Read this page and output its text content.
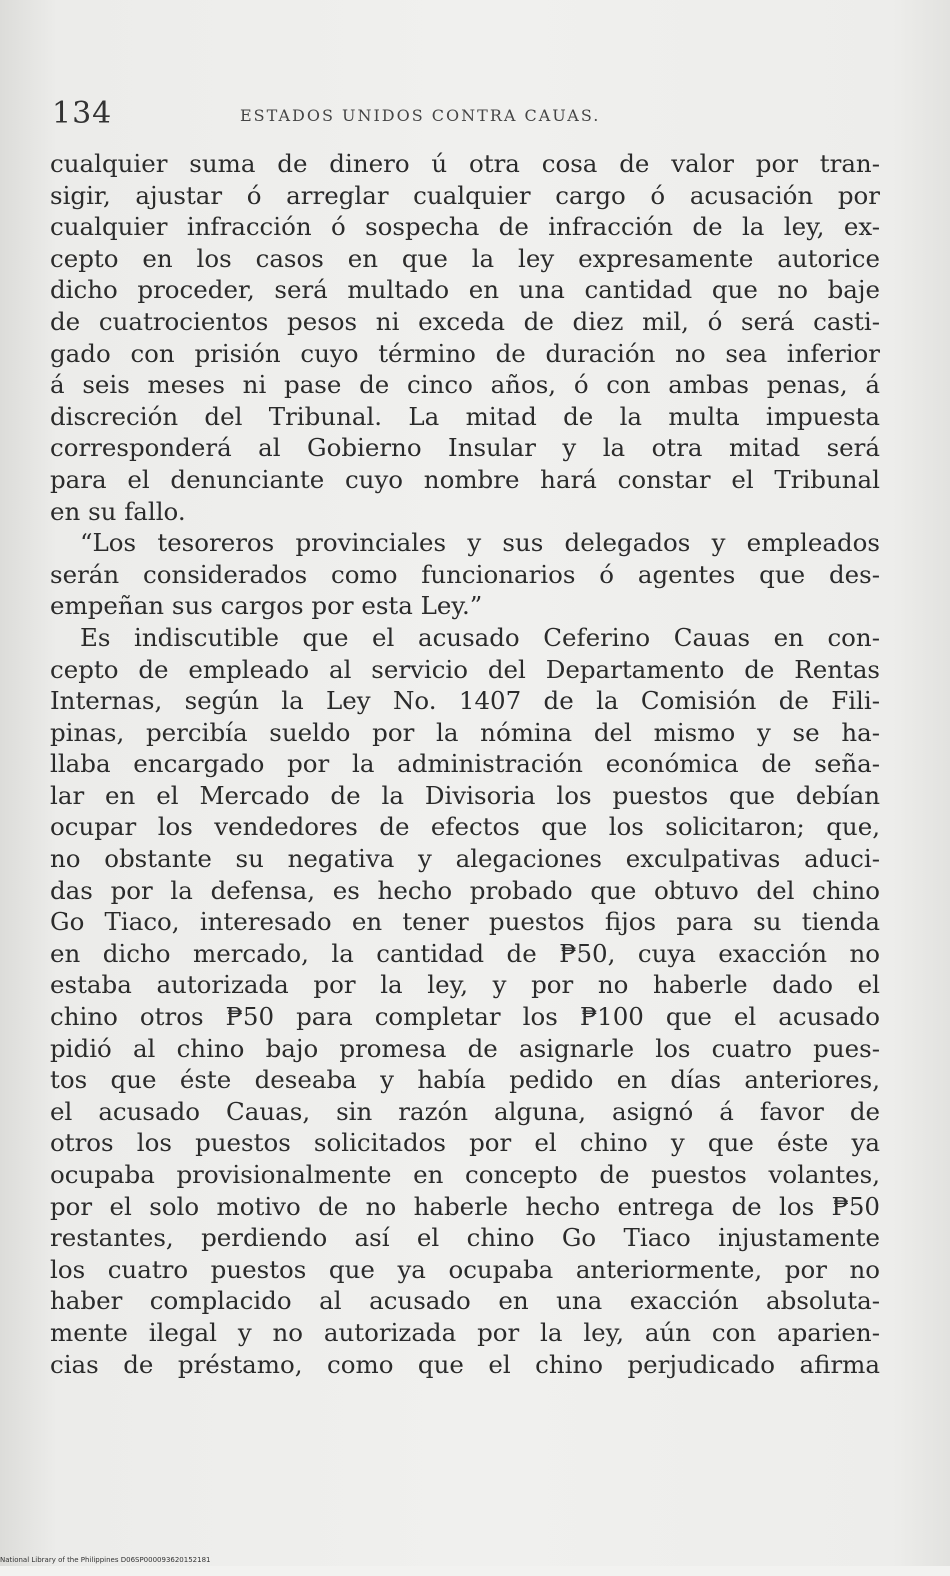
134	ESTADOS UNIDOS CONTRA CAUAS.
cualquier suma de dinero ú otra cosa de valor por tran-
sigir, ajustar ó arreglar cualquier cargo ó acusación por
cualquier infracción ó sospecha de infracción de la ley, ex-
cepto en los casos en que la ley expresamente autorice
dicho proceder, será multado en una cantidad que no baje
de cuatrocientos pesos ni exceda de diez mil, ó será casti-
gado con prisión cuyo término de duración no sea inferior
á seis meses ni pase de cinco años, ó con ambas penas, á
discreción del Tribunal. La mitad de la multa impuesta
corresponderá al Gobierno Insular y la otra mitad será
para el denunciante cuyo nombre hará constar el Tribunal
en su fallo.
“Los tesoreros provinciales y sus delegados y empleados
serán considerados como funcionarios ó agentes que des-
empeñan sus cargos por esta Ley.”
Es indiscutible que el acusado Ceferino Cauas en con-
cepto de empleado al servicio del Departamento de Rentas
Internas, según la Ley No. 1407 de la Comisión de Fili-
pinas, percibía sueldo por la nómina del mismo y se ha-
llaba encargado por la administración económica de seña-
lar en el Mercado de la Divisoria los puestos que debían
ocupar los vendedores de efectos que los solicitaron; que,
no obstante su negativa y alegaciones exculpativas aduci-
das por la defensa, es hecho probado que obtuvo del chino
Go Tiaco, interesado en tener puestos fijos para su tienda
en dicho mercado, la cantidad de ₱50, cuya exacción no
estaba autorizada por la ley, y por no haberle dado el
chino otros ₱50 para completar los ₱100 que el acusado
pidió al chino bajo promesa de asignarle los cuatro pues-
tos que éste deseaba y había pedido en días anteriores,
el acusado Cauas, sin razón alguna, asignó á favor de
otros los puestos solicitados por el chino y que éste ya
ocupaba provisionalmente en concepto de puestos volantes,
por el solo motivo de no haberle hecho entrega de los ₱50
restantes, perdiendo así el chino Go Tiaco injustamente
los cuatro puestos que ya ocupaba anteriormente, por no
haber complacido al acusado en una exacción absoluta-
mente ilegal y no autorizada por la ley, aún con aparien-
cias de préstamo, como que el chino perjudicado afirma
National Library of the Philippines D06SP000093620152181
